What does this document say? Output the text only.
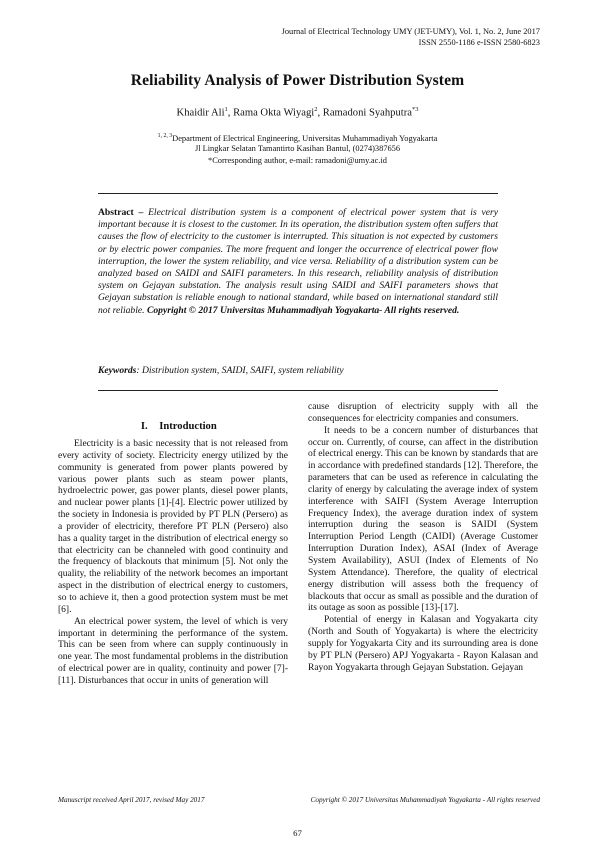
Journal of Electrical Technology UMY (JET-UMY), Vol. 1, No. 2, June 2017
ISSN 2550-1186 e-ISSN 2580-6823
Reliability Analysis of Power Distribution System
Khaidir Ali$^1$, Rama Okta Wiyagi$^2$, Ramadoni Syahputra$^{*3}$
$^{1, 2, 3}$Department of Electrical Engineering, Universitas Muhammadiyah Yogyakarta
Jl Lingkar Selatan Tamantirto Kasihan Bantul, (0274)387656
*Corresponding author, e-mail: ramadoni@umy.ac.id

Abstract – Electrical distribution system is a component of electrical power system that is very important because it is closest to the customer. In its operation, the distribution system often suffers that causes the flow of electricity to the customer is interrupted. This situation is not expected by customers or by electric power companies. The more frequent and longer the occurrence of electrical power flow interruption, the lower the system reliability, and vice versa. Reliability of a distribution system can be analyzed based on SAIDI and SAIFI parameters. In this research, reliability analysis of distribution system on Gejayan substation. The analysis result using SAIDI and SAIFI parameters shows that Gejayan substation is reliable enough to national standard, while based on international standard still not reliable. Copyright © 2017 Universitas Muhammadiyah Yogyakarta- All rights reserved.

Keywords: Distribution system, SAIDI, SAIFI, system reliability

I. Introduction

Electricity is a basic necessity that is not released from every activity of society. Electricity energy utilized by the community is generated from power plants powered by various power plants such as steam power plants, hydroelectric power, gas power plants, diesel power plants, and nuclear power plants [1]-[4]. Electric power utilized by the society in Indonesia is provided by PT PLN (Persero) as a provider of electricity, therefore PT PLN (Persero) also has a quality target in the distribution of electrical energy so that electricity can be channeled with good continuity and the frequency of blackouts that minimum [5]. Not only the quality, the reliability of the network becomes an important aspect in the distribution of electrical energy to customers, so to achieve it, then a good protection system must be met [6].

An electrical power system, the level of which is very important in determining the performance of the system. This can be seen from where can supply continuously in one year. The most fundamental problems in the distribution of electrical power are in quality, continuity and power [7]-[11]. Disturbances that occur in units of generation will

cause disruption of electricity supply with all the consequences for electricity companies and consumers.

It needs to be a concern number of disturbances that occur on. Currently, of course, can affect in the distribution of electrical energy. This can be known by standards that are in accordance with predefined standards [12]. Therefore, the parameters that can be used as reference in calculating the clarity of energy by calculating the average index of system interference with SAIFI (System Average Interruption Frequency Index), the average duration index of system interruption during the season is SAIDI (System Interruption Period Length (CAIDI) (Average Customer Interruption Duration Index), ASAI (Index of Average System Availability), ASUI (Index of Elements of No System Attendance). Therefore, the quality of electrical energy distribution will assess both the frequency of blackouts that occur as small as possible and the duration of its outage as soon as possible [13]-[17].

Potential of energy in Kalasan and Yogyakarta city (North and South of Yogyakarta) is where the electricity supply for Yogyakarta City and its surrounding area is done by PT PLN (Persero) APJ Yogyakarta - Rayon Kalasan and Rayon Yogyakarta through Gejayan Substation. Gejayan

Manuscript received April 2017, revised May 2017	Copyright © 2017 Universitas Muhammadiyah Yogyakarta - All rights reserved
67
